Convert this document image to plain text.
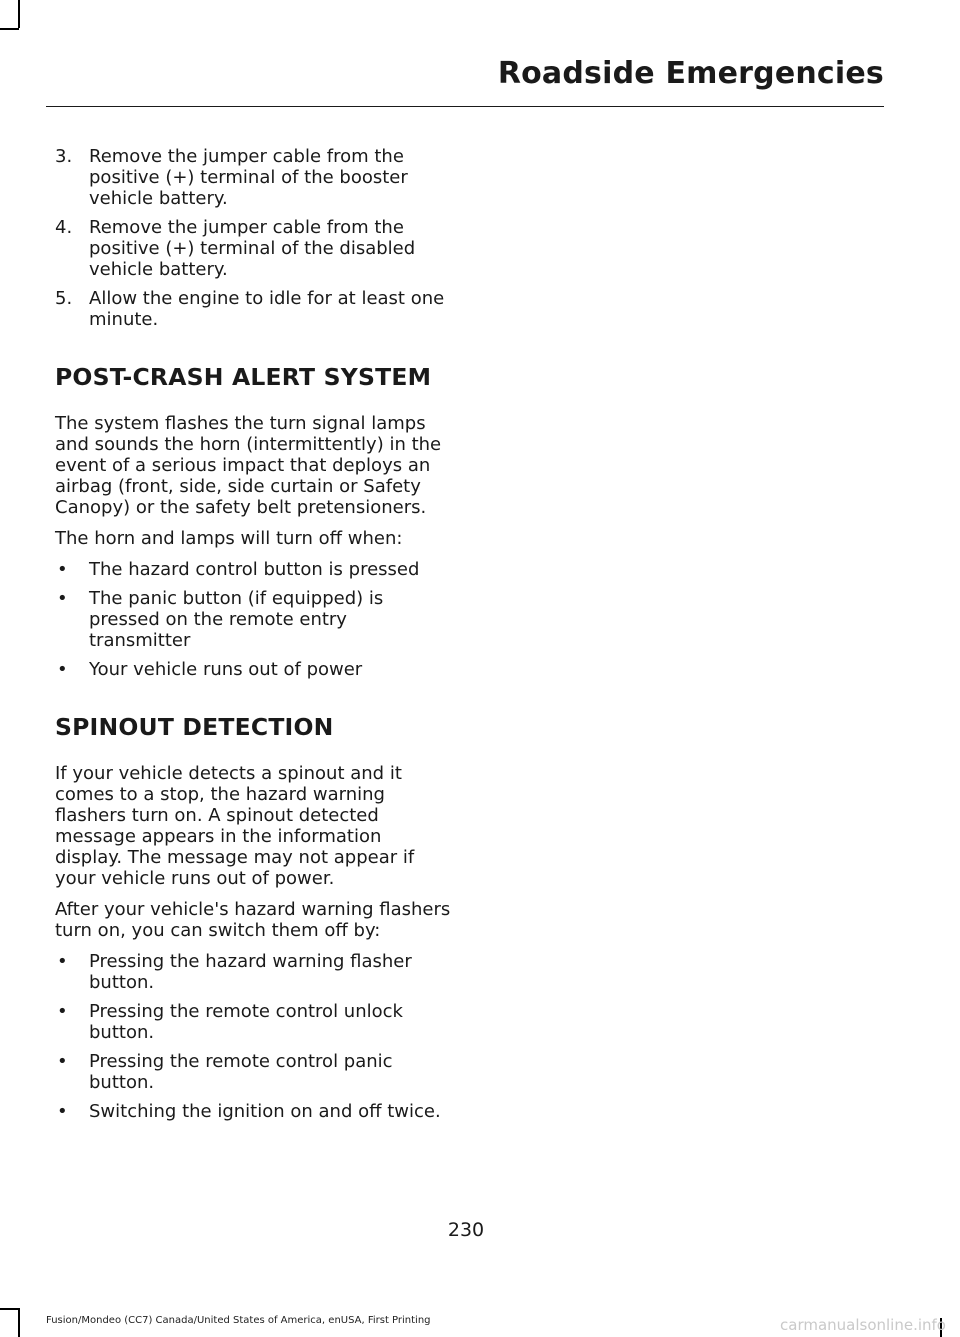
Roadside Emergencies
3. Remove the jumper cable from the positive (+) terminal of the booster vehicle battery.
4. Remove the jumper cable from the positive (+) terminal of the disabled vehicle battery.
5. Allow the engine to idle for at least one minute.
POST-CRASH ALERT SYSTEM
The system flashes the turn signal lamps and sounds the horn (intermittently) in the event of a serious impact that deploys an airbag (front, side, side curtain or Safety Canopy) or the safety belt pretensioners.
The horn and lamps will turn off when:
• The hazard control button is pressed
• The panic button (if equipped) is pressed on the remote entry transmitter
• Your vehicle runs out of power
SPINOUT DETECTION
If your vehicle detects a spinout and it comes to a stop, the hazard warning flashers turn on. A spinout detected message appears in the information display. The message may not appear if your vehicle runs out of power.
After your vehicle's hazard warning flashers turn on, you can switch them off by:
• Pressing the hazard warning flasher button.
• Pressing the remote control unlock button.
• Pressing the remote control panic button.
• Switching the ignition on and off twice.
230
Fusion/Mondeo (CC7) Canada/United States of America, enUSA, First Printing	carmanualsonline.info
